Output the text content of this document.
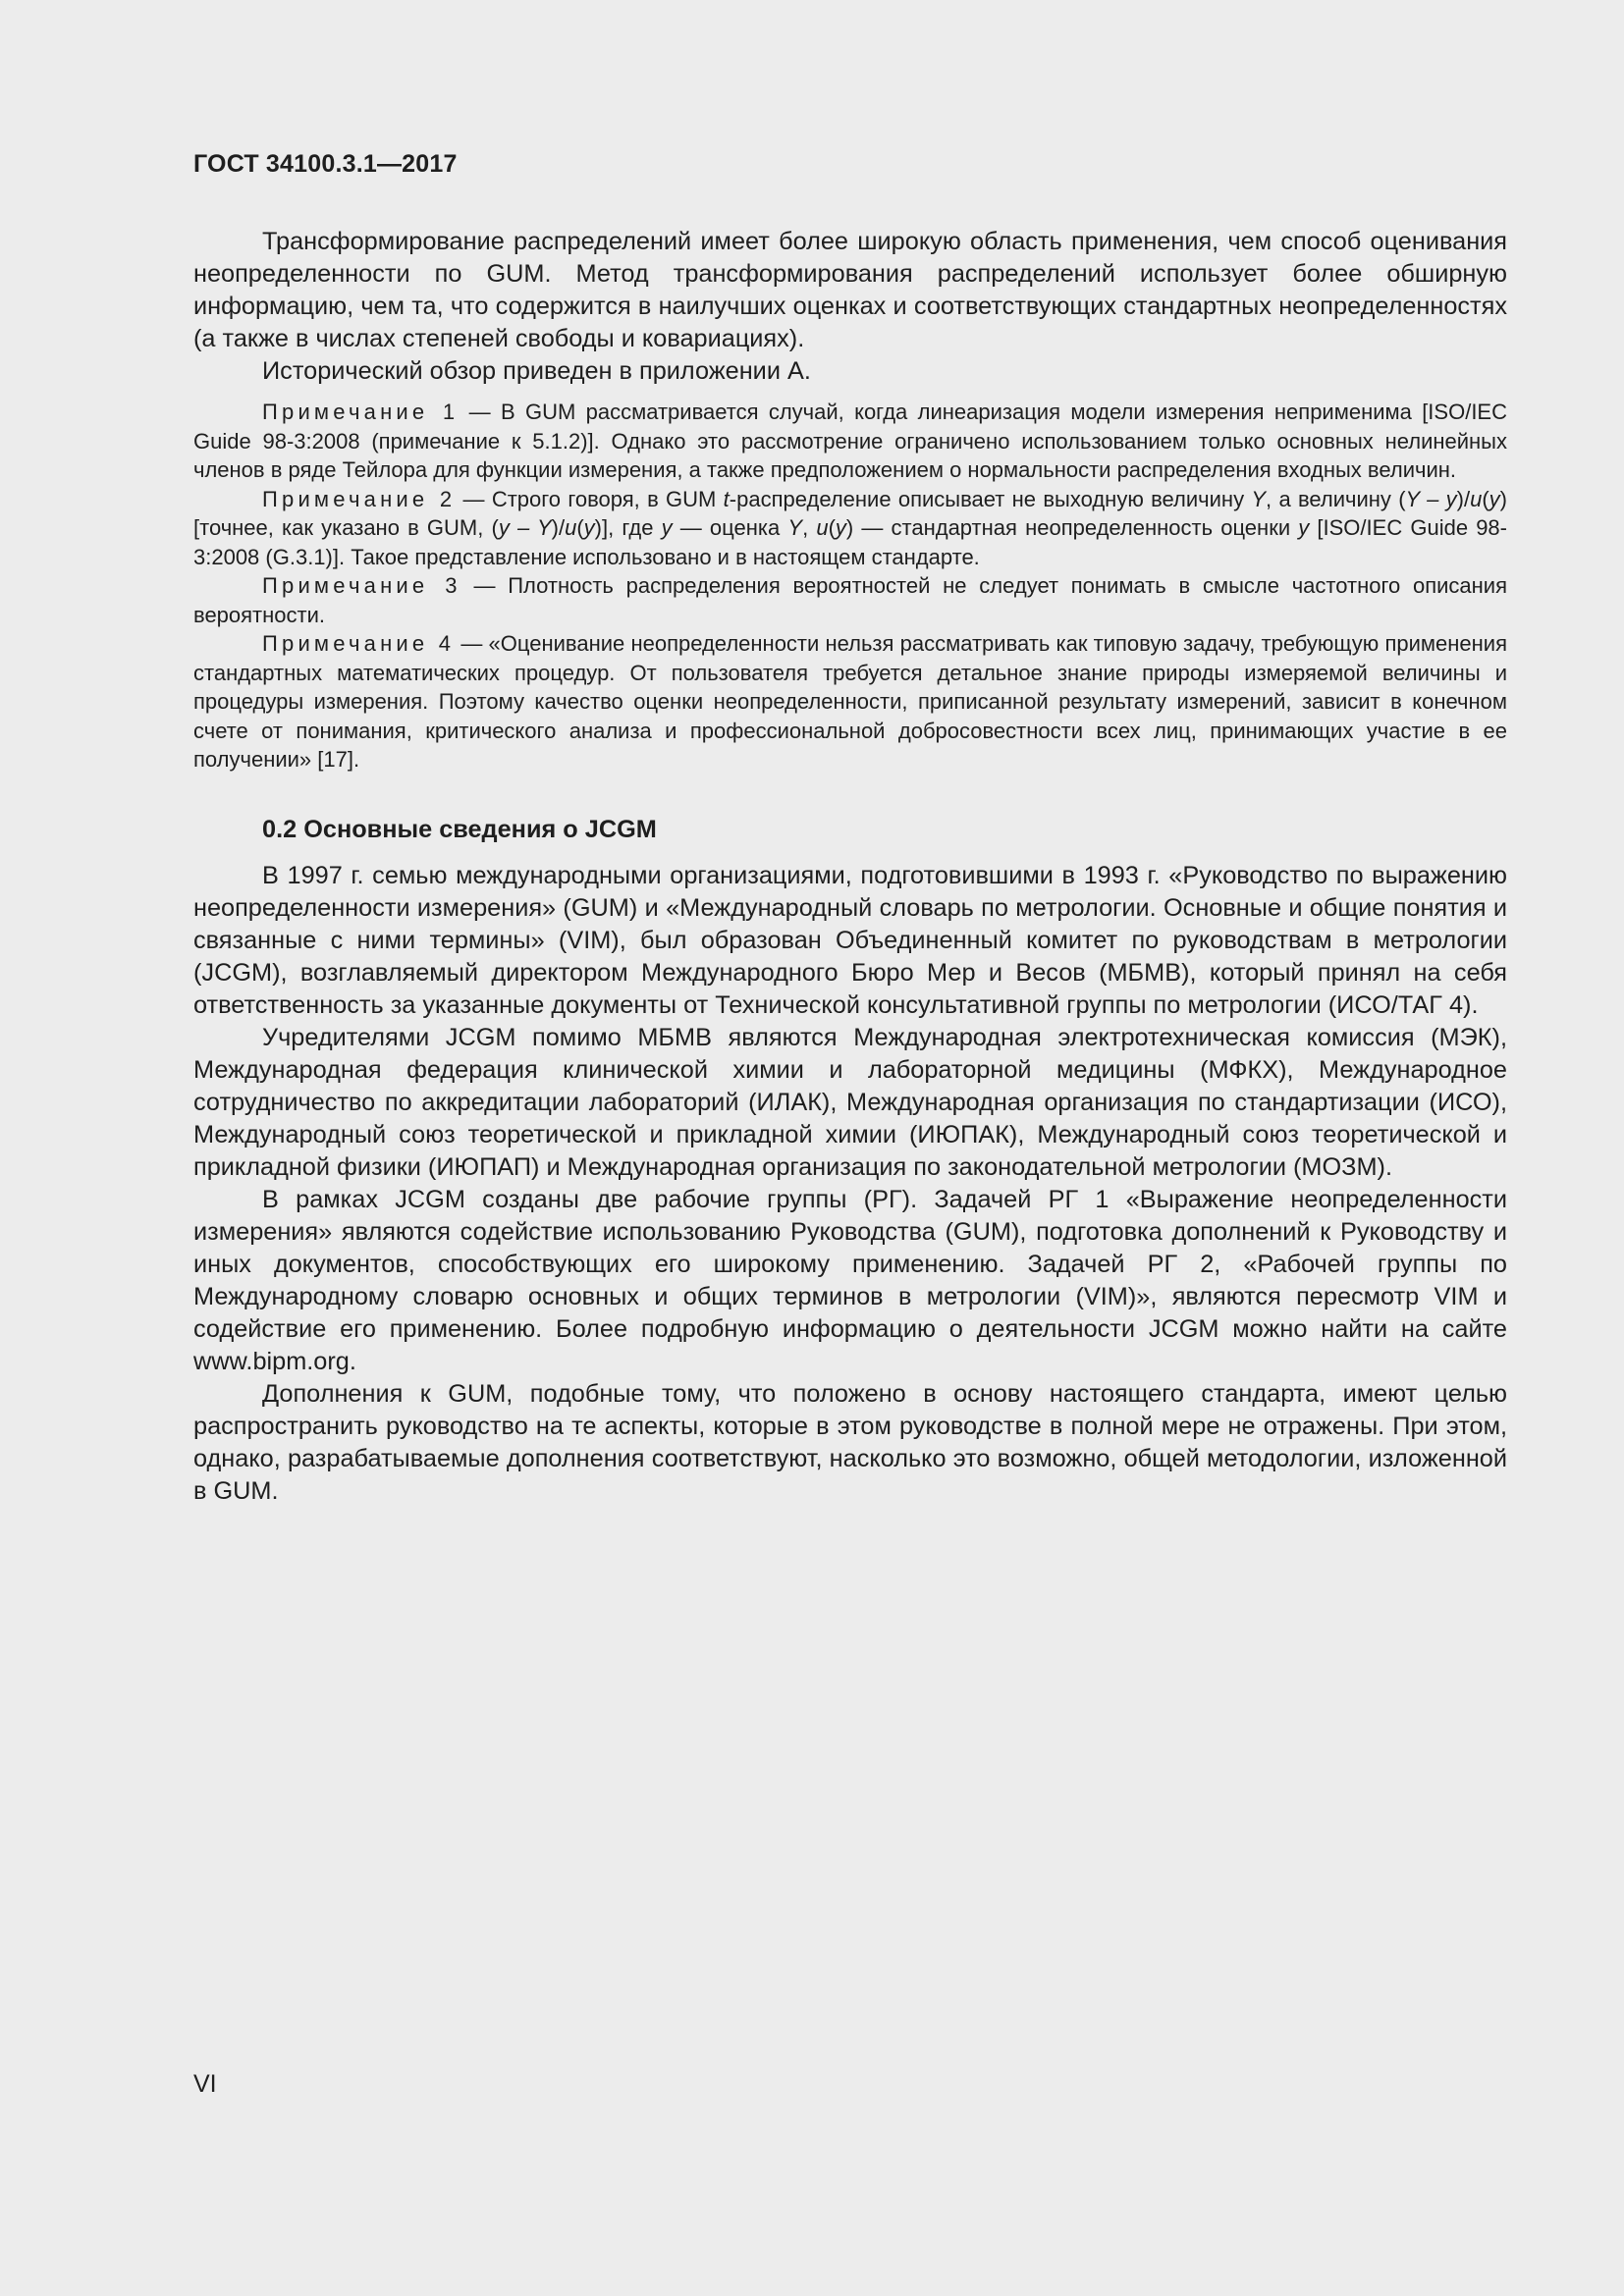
ГОСТ 34100.3.1—2017

Трансформирование распределений имеет более широкую область применения, чем способ оценивания неопределенности по GUM. Метод трансформирования распределений использует более обширную информацию, чем та, что содержится в наилучших оценках и соответствующих стандартных неопределенностях (а также в числах степеней свободы и ковариациях).

Исторический обзор приведен в приложении А.

Примечание 1 — В GUM рассматривается случай, когда линеаризация модели измерения неприменима [ISO/IEC Guide 98-3:2008 (примечание к 5.1.2)]. Однако это рассмотрение ограничено использованием только основных нелинейных членов в ряде Тейлора для функции измерения, а также предположением о нормальности распределения входных величин.

Примечание 2 — Строго говоря, в GUM t-распределение описывает не выходную величину Y, а величину (Y – y)/u(y) [точнее, как указано в GUM, (y – Y)/u(y)], где y — оценка Y, u(y) — стандартная неопределенность оценки y [ISO/IEC Guide 98-3:2008 (G.3.1)]. Такое представление использовано и в настоящем стандарте.

Примечание 3 — Плотность распределения вероятностей не следует понимать в смысле частотного описания вероятности.

Примечание 4 — «Оценивание неопределенности нельзя рассматривать как типовую задачу, требующую применения стандартных математических процедур. От пользователя требуется детальное знание природы измеряемой величины и процедуры измерения. Поэтому качество оценки неопределенности, приписанной результату измерений, зависит в конечном счете от понимания, критического анализа и профессиональной добросовестности всех лиц, принимающих участие в ее получении» [17].

0.2 Основные сведения о JCGM

В 1997 г. семью международными организациями, подготовившими в 1993 г. «Руководство по выражению неопределенности измерения» (GUM) и «Международный словарь по метрологии. Основные и общие понятия и связанные с ними термины» (VIM), был образован Объединенный комитет по руководствам в метрологии (JCGM), возглавляемый директором Международного Бюро Мер и Весов (МБМВ), который принял на себя ответственность за указанные документы от Технической консультативной группы по метрологии (ИСО/ТАГ 4).

Учредителями JCGM помимо МБМВ являются Международная электротехническая комиссия (МЭК), Международная федерация клинической химии и лабораторной медицины (МФКХ), Международное сотрудничество по аккредитации лабораторий (ИЛАК), Международная организация по стандартизации (ИСО), Международный союз теоретической и прикладной химии (ИЮПАК), Международный союз теоретической и прикладной физики (ИЮПАП) и Международная организация по законодательной метрологии (МОЗМ).

В рамках JCGM созданы две рабочие группы (РГ). Задачей РГ 1 «Выражение неопределенности измерения» являются содействие использованию Руководства (GUM), подготовка дополнений к Руководству и иных документов, способствующих его широкому применению. Задачей РГ 2, «Рабочей группы по Международному словарю основных и общих терминов в метрологии (VIM)», являются пересмотр VIM и содействие его применению. Более подробную информацию о деятельности JCGM можно найти на сайте www.bipm.org.

Дополнения к GUM, подобные тому, что положено в основу настоящего стандарта, имеют целью распространить руководство на те аспекты, которые в этом руководстве в полной мере не отражены. При этом, однако, разрабатываемые дополнения соответствуют, насколько это возможно, общей методологии, изложенной в GUM.

VI
